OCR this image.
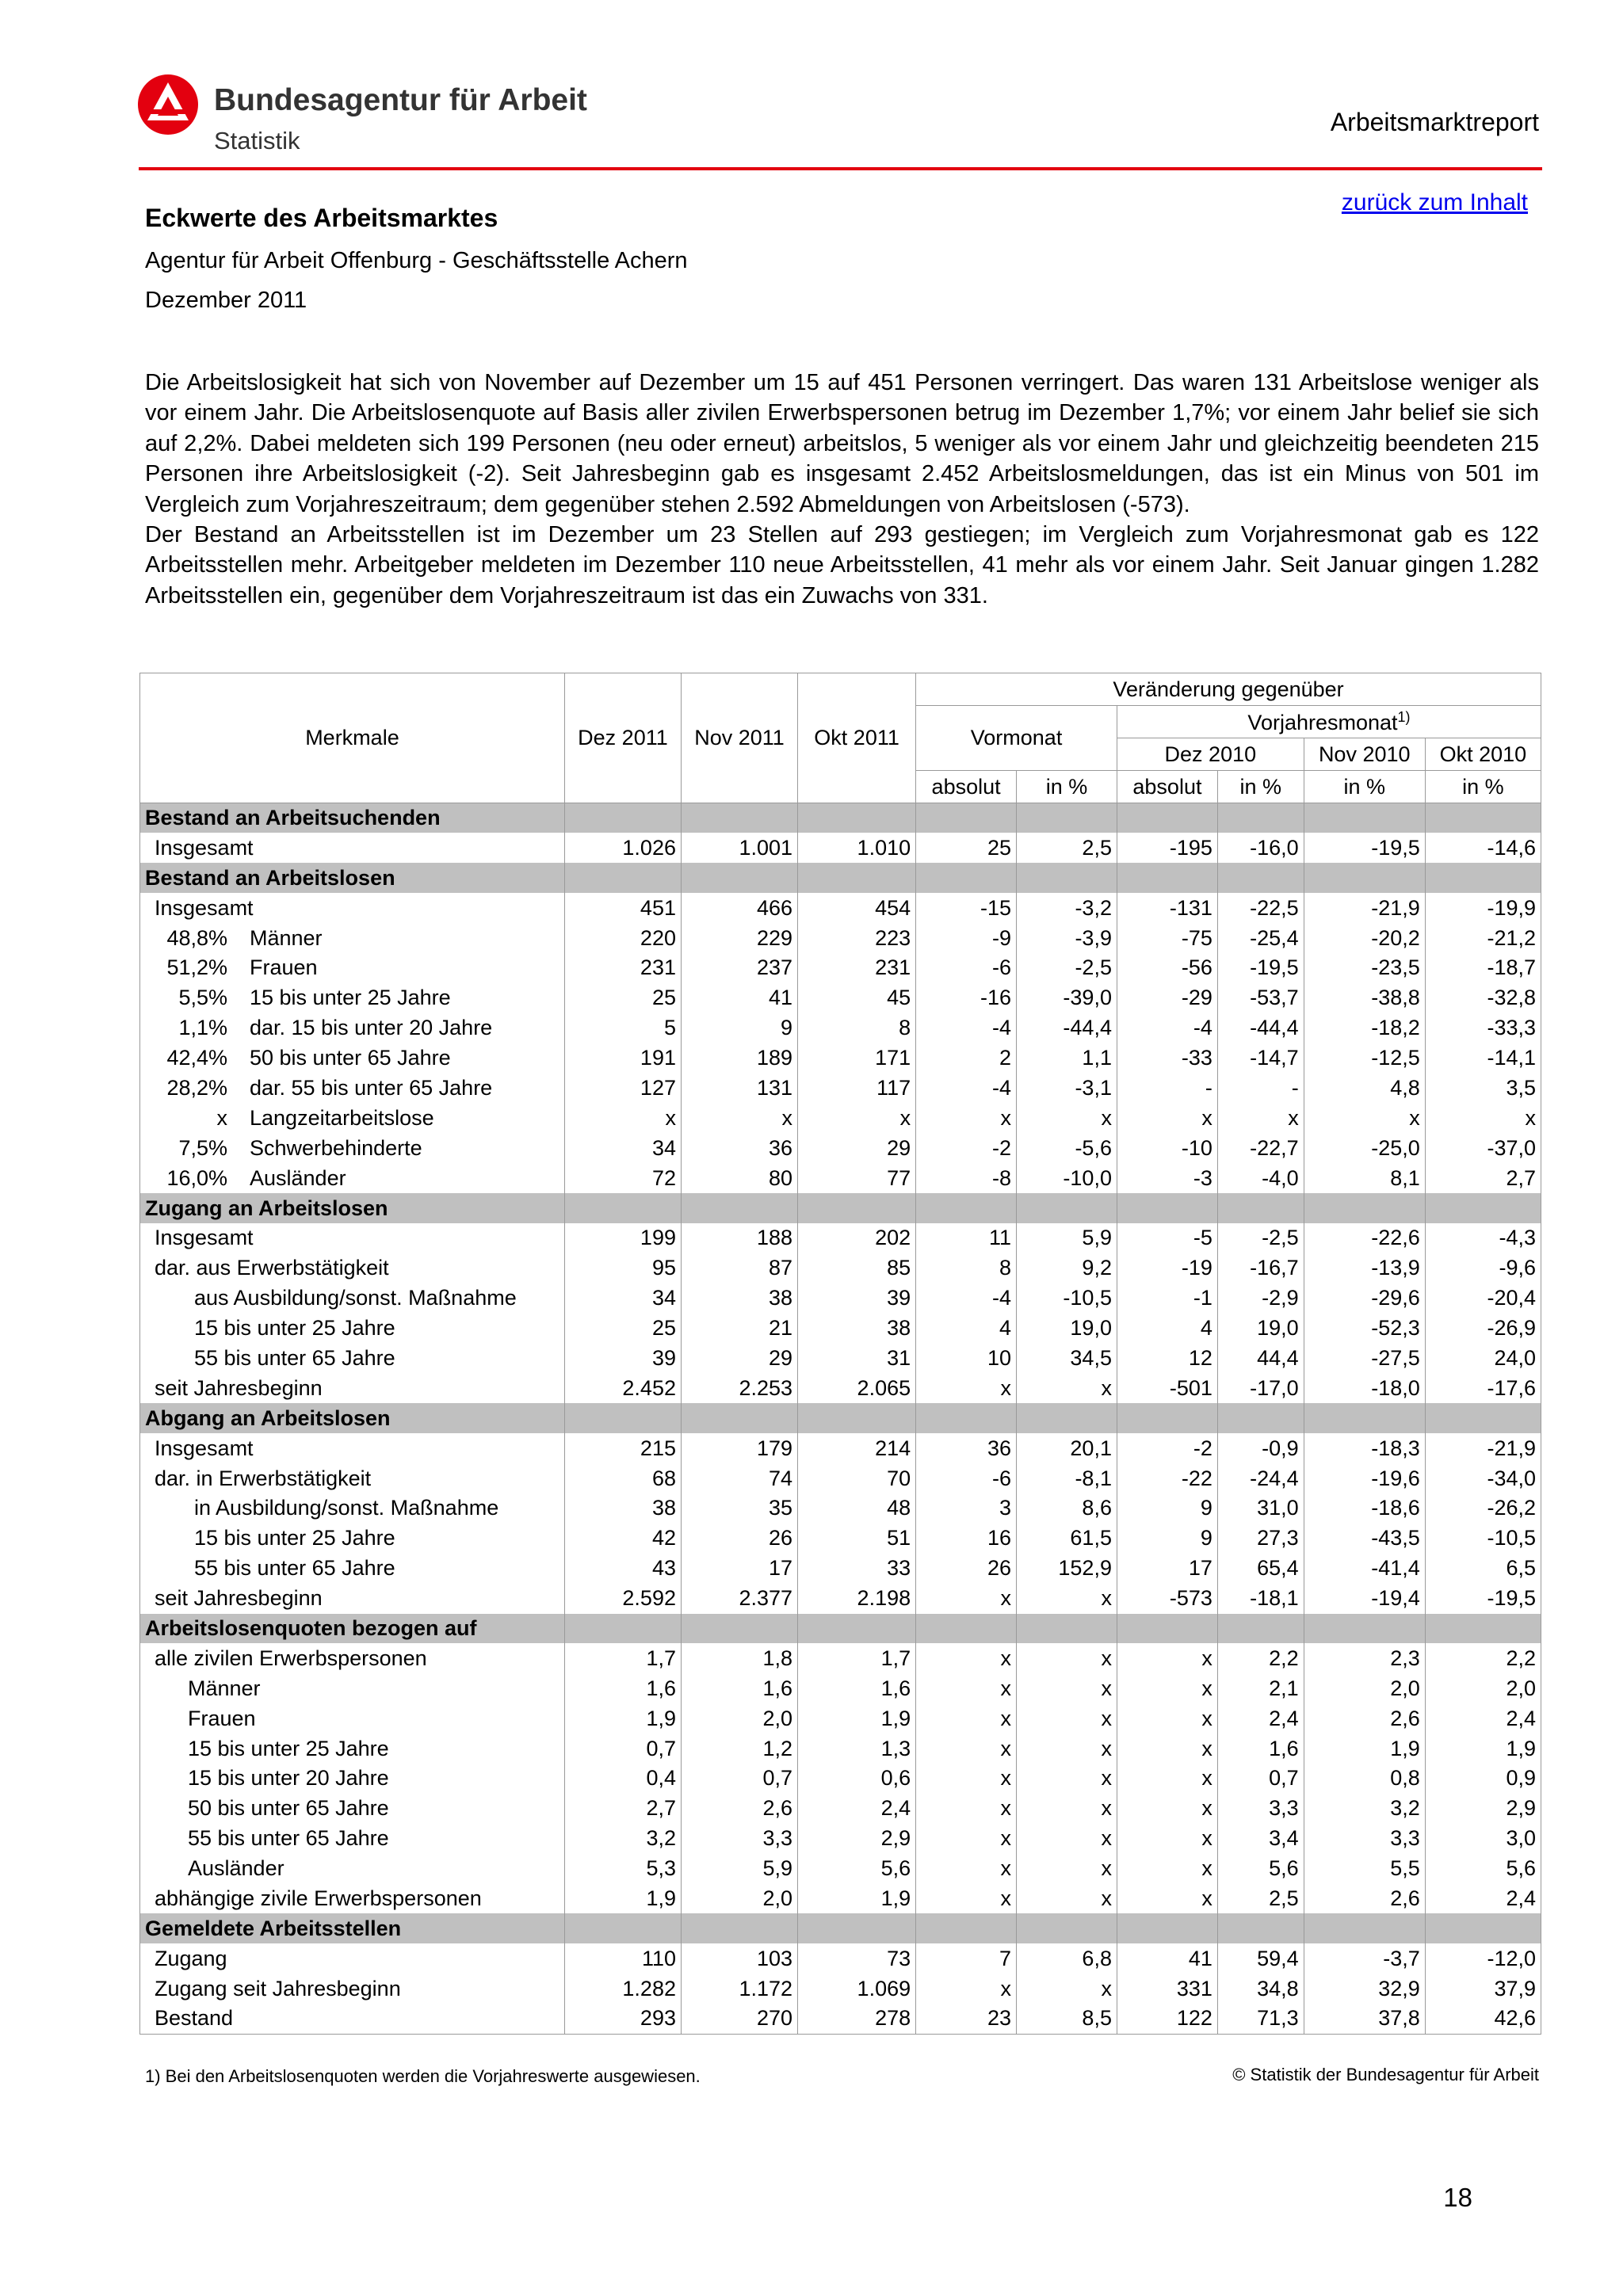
Bundesagentur für Arbeit
Statistik
Arbeitsmarktreport
zurück zum Inhalt
Eckwerte des Arbeitsmarktes
Agentur für Arbeit Offenburg - Geschäftsstelle Achern
Dezember 2011

Die Arbeitslosigkeit hat sich von November auf Dezember um 15 auf 451 Personen verringert. Das waren 131 Arbeitslose weniger als vor einem Jahr. Die Arbeitslosenquote auf Basis aller zivilen Erwerbspersonen betrug im Dezember 1,7%; vor einem Jahr belief sie sich auf 2,2%. Dabei meldeten sich 199 Personen (neu oder erneut) arbeitslos, 5 weniger als vor einem Jahr und gleichzeitig beendeten 215 Personen ihre Arbeitslosigkeit (-2). Seit Jahresbeginn gab es insgesamt 2.452 Arbeitslosmeldungen, das ist ein Minus von 501 im Vergleich zum Vorjahreszeitraum; dem gegenüber stehen 2.592 Abmeldungen von Arbeitslosen (-573).

Der Bestand an Arbeitsstellen ist im Dezember um 23 Stellen auf 293 gestiegen; im Vergleich zum Vorjahresmonat gab es 122 Arbeitsstellen mehr. Arbeitgeber meldeten im Dezember 110 neue Arbeitsstellen, 41 mehr als vor einem Jahr. Seit Januar gingen 1.282 Arbeitsstellen ein, gegenüber dem Vorjahreszeitraum ist das ein Zuwachs von 331.

Merkmale	Dez 2011	Nov 2011	Okt 2011	Veränderung gegenüber					
				Vormonat		Vorjahresmonat$^{1)}$
						Dez 2010		Nov 2010	Okt 2010
				absolut	in %	absolut	in %	in %	in %
Bestand an Arbeitsuchenden									
Insgesamt	1.026	1.001	1.010	25	2,5	-195	-16,0	-19,5	-14,6
Bestand an Arbeitslosen									
Insgesamt	451	466	454	-15	-3,2	-131	-22,5	-21,9	-19,9
48,8% Männer	220	229	223	-9	-3,9	-75	-25,4	-20,2	-21,2
51,2% Frauen	231	237	231	-6	-2,5	-56	-19,5	-23,5	-18,7
5,5% 15 bis unter 25 Jahre	25	41	45	-16	-39,0	-29	-53,7	-38,8	-32,8
1,1% dar. 15 bis unter 20 Jahre	5	9	8	-4	-44,4	-4	-44,4	-18,2	-33,3
42,4% 50 bis unter 65 Jahre	191	189	171	2	1,1	-33	-14,7	-12,5	-14,1
28,2% dar. 55 bis unter 65 Jahre	127	131	117	-4	-3,1	-	-	4,8	3,5
x Langzeitarbeitslose	x	x	x	x	x	x	x	x	x
7,5% Schwerbehinderte	34	36	29	-2	-5,6	-10	-22,7	-25,0	-37,0
16,0% Ausländer	72	80	77	-8	-10,0	-3	-4,0	8,1	2,7
Zugang an Arbeitslosen									
Insgesamt	199	188	202	11	5,9	-5	-2,5	-22,6	-4,3
dar. aus Erwerbstätigkeit	95	87	85	8	9,2	-19	-16,7	-13,9	-9,6
aus Ausbildung/sonst. Maßnahme	34	38	39	-4	-10,5	-1	-2,9	-29,6	-20,4
15 bis unter 25 Jahre	25	21	38	4	19,0	4	19,0	-52,3	-26,9
55 bis unter 65 Jahre	39	29	31	10	34,5	12	44,4	-27,5	24,0
seit Jahresbeginn	2.452	2.253	2.065	x	x	-501	-17,0	-18,0	-17,6
Abgang an Arbeitslosen									
Insgesamt	215	179	214	36	20,1	-2	-0,9	-18,3	-21,9
dar. in Erwerbstätigkeit	68	74	70	-6	-8,1	-22	-24,4	-19,6	-34,0
in Ausbildung/sonst. Maßnahme	38	35	48	3	8,6	9	31,0	-18,6	-26,2
15 bis unter 25 Jahre	42	26	51	16	61,5	9	27,3	-43,5	-10,5
55 bis unter 65 Jahre	43	17	33	26	152,9	17	65,4	-41,4	6,5
seit Jahresbeginn	2.592	2.377	2.198	x	x	-573	-18,1	-19,4	-19,5
Arbeitslosenquoten bezogen auf									
alle zivilen Erwerbspersonen	1,7	1,8	1,7	x	x	x	2,2	2,3	2,2
Männer	1,6	1,6	1,6	x	x	x	2,1	2,0	2,0
Frauen	1,9	2,0	1,9	x	x	x	2,4	2,6	2,4
15 bis unter 25 Jahre	0,7	1,2	1,3	x	x	x	1,6	1,9	1,9
15 bis unter 20 Jahre	0,4	0,7	0,6	x	x	x	0,7	0,8	0,9
50 bis unter 65 Jahre	2,7	2,6	2,4	x	x	x	3,3	3,2	2,9
55 bis unter 65 Jahre	3,2	3,3	2,9	x	x	x	3,4	3,3	3,0
Ausländer	5,3	5,9	5,6	x	x	x	5,6	5,5	5,6
abhängige zivile Erwerbspersonen	1,9	2,0	1,9	x	x	x	2,5	2,6	2,4
Gemeldete Arbeitsstellen									
Zugang	110	103	73	7	6,8	41	59,4	-3,7	-12,0
Zugang seit Jahresbeginn	1.282	1.172	1.069	x	x	331	34,8	32,9	37,9
Bestand	293	270	278	23	8,5	122	71,3	37,8	42,6
1) Bei den Arbeitslosenquoten werden die Vorjahreswerte ausgewiesen.	© Statistik der Bundesagentur für Arbeit
18
